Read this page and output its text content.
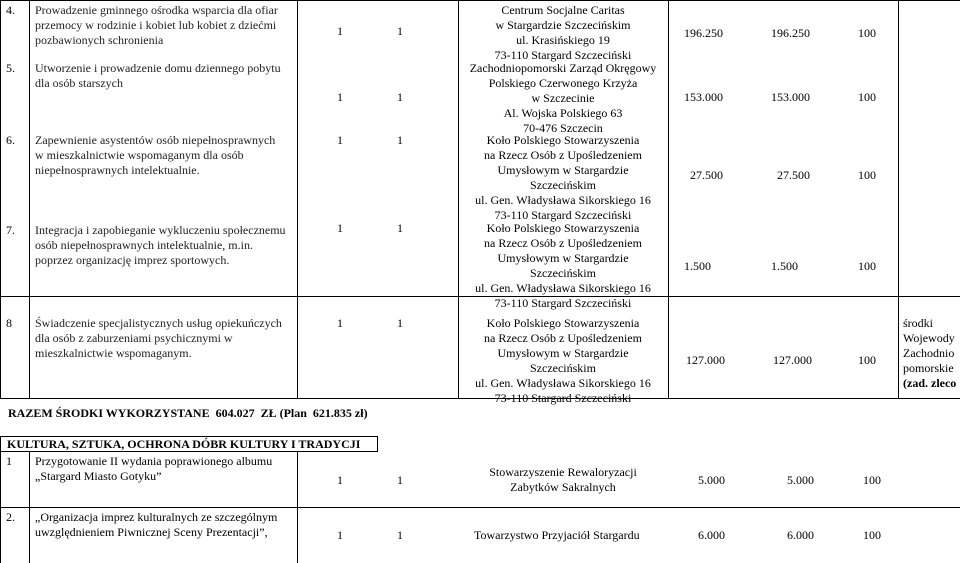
4. Prowadzenie gminnego ośrodka wsparcia dla ofiar
przemocy w rodzinie i kobiet lub kobiet z dziećmi
pozbawionych schronienia
1	1
Centrum Socjalne Caritas
w Stargardzie Szczecińskim
ul. Krasińskiego 19
73-110 Stargard Szczeciński
196.250	196.250	100
5. Utworzenie i prowadzenie domu dziennego pobytu
dla osób starszych
1	1
Zachodniopomorski Zarząd Okręgowy
Polskiego Czerwonego Krzyża
w Szczecinie
Al. Wojska Polskiego 63
70-476 Szczecin
153.000	153.000	100
6. Zapewnienie asystentów osób niepełnosprawnych
w mieszkalnictwie wspomaganym dla osób
niepełnosprawnych intelektualnie.
1	1	Koło Polskiego Stowarzyszenia
na Rzecz Osób z Upośledzeniem
Umysłowym w Stargardzie
Szczecińskim
ul. Gen. Władysława Sikorskiego 16
73-110 Stargard Szczeciński
27.500	27.500	100
7. Integracja i zapobieganie wykluczeniu społecznemu
osób niepełnosprawnych intelektualnie, m.in.
poprzez organizację imprez sportowych.
1	1	Koło Polskiego Stowarzyszenia
na Rzecz Osób z Upośledzeniem
Umysłowym w Stargardzie
Szczecińskim
ul. Gen. Władysława Sikorskiego 16
73-110 Stargard Szczeciński
1.500	1.500	100
8 Świadczenie specjalistycznych usług opiekuńczych
dla osób z zaburzeniami psychicznymi w
mieszkalnictwie wspomaganym.
1	1	Koło Polskiego Stowarzyszenia
na Rzecz Osób z Upośledzeniem
Umysłowym w Stargardzie
Szczecińskim
ul. Gen. Władysława Sikorskiego 16
73-110 Stargard Szczeciński
127.000	127.000	100
środki
Wojewody
Zachodnio
pomorskie
(zad. zleco
RAZEM ŚRODKI WYKORZYSTANE  604.027  ZŁ (Plan  621.835 zł)
KULTURA, SZTUKA, OCHRONA DÓBR KULTURY I TRADYCJI
1 Przygotowanie II wydania poprawionego albumu
„Stargard Miasto Gotyku”	1	1
Stowarzyszenie Rewaloryzacji
Zabytków Sakralnych	5.000	5.000	100
2. „Organizacja imprez kulturalnych ze szczególnym
uwzględnieniem Piwnicznej Sceny Prezentacji”,	1	1	Towarzystwo Przyjaciół Stargardu	6.000	6.000	100
